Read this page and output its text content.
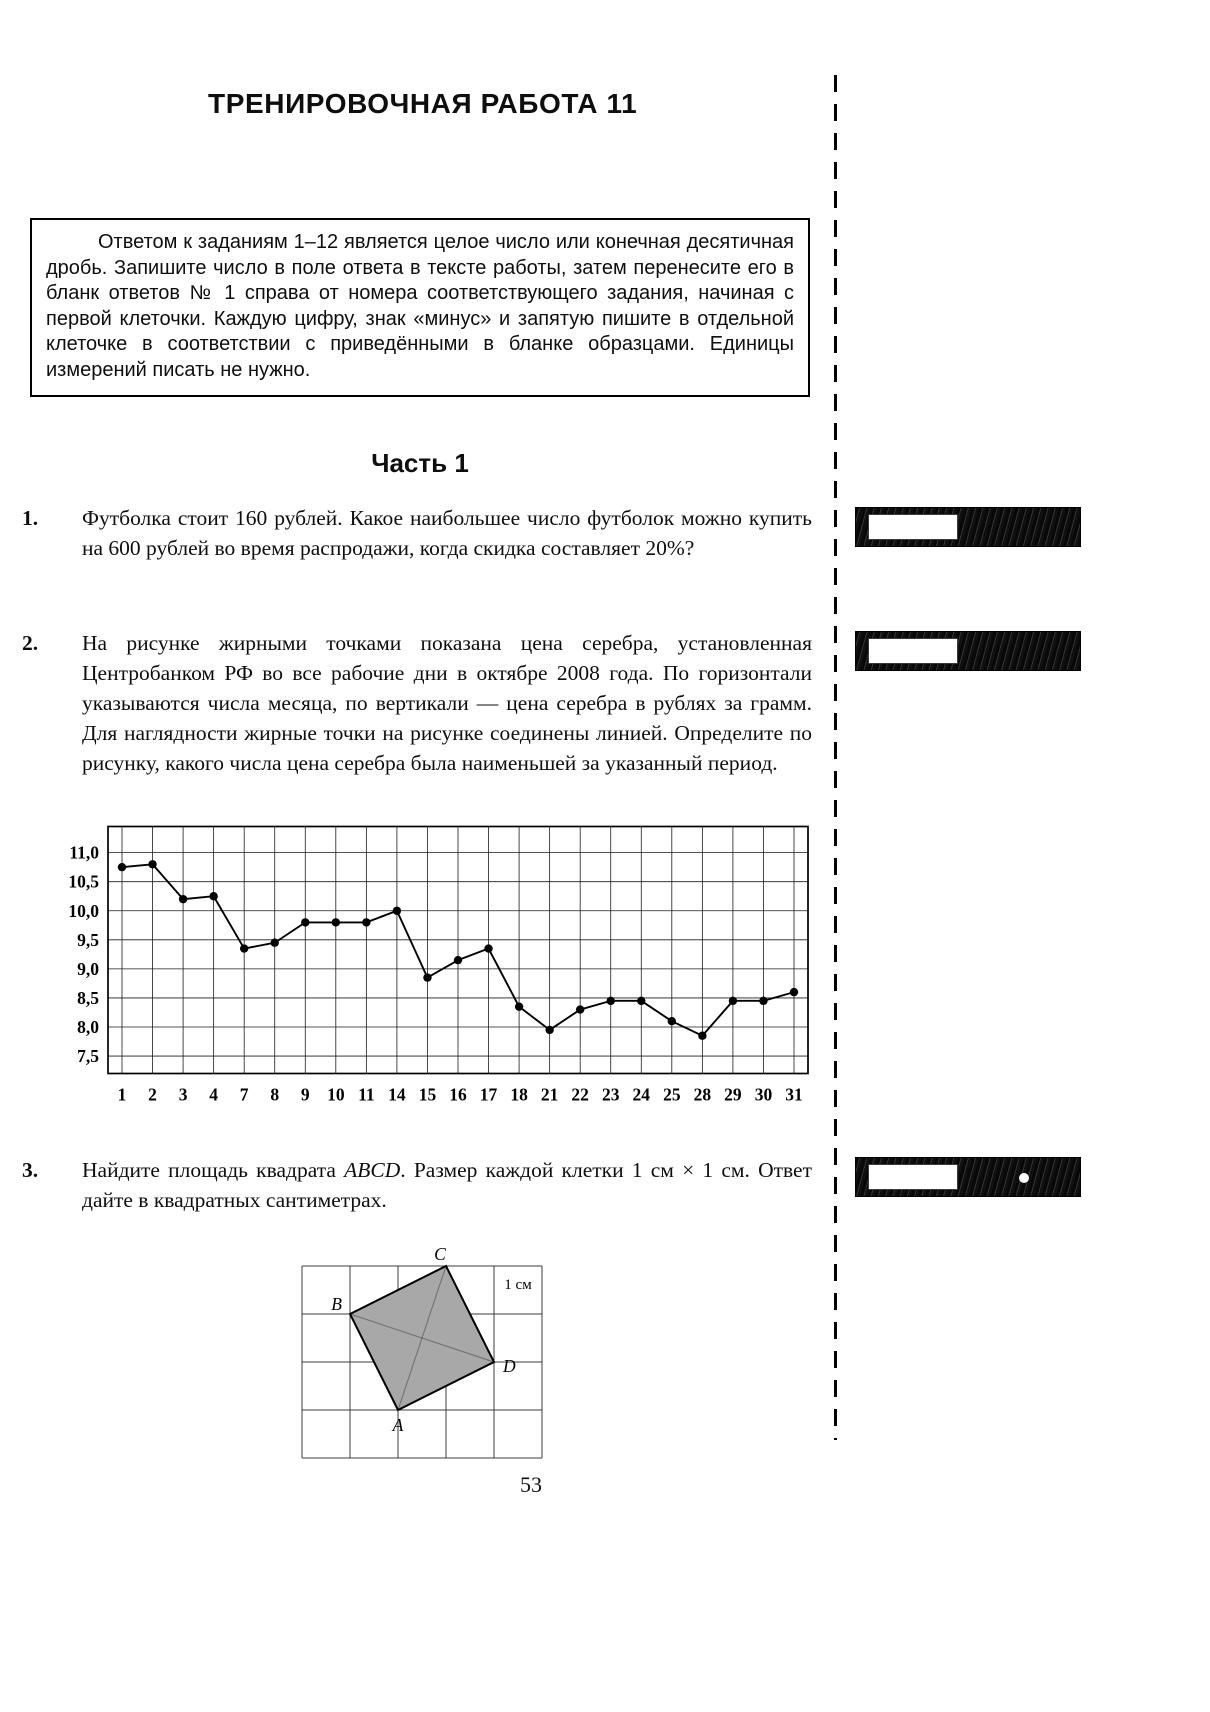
ТРЕНИРОВОЧНАЯ РАБОТА 11

Ответом к заданиям 1–12 является целое число или конечная десятичная дробь. Запишите число в поле ответа в тексте работы, затем перенесите его в бланк ответов № 1 справа от номера соответствующего задания, начиная с первой клеточки. Каждую цифру, знак «минус» и запятую пишите в отдельной клеточке в соответствии с приведёнными в бланке образцами. Единицы измерений писать не нужно.

Часть 1
1.	Футболка стоит 160 рублей. Какое наибольшее число футболок можно купить на 600 рублей во время распродажи, когда скидка составляет 20%?

2.	На рисунке жирными точками показана цена серебра, установленная Центробанком РФ во все рабочие дни в октябре 2008 года. По горизонтали указываются числа месяца, по вертикали — цена серебра в рублях за грамм. Для наглядности жирные точки на рисунке соединены линией. Определите по рисунку, какого числа цена серебра была наименьшей за указанный период.

7,5
8,0
8,5
9,0
9,5
10,0
10,5
11,0
1 2 3 4 7 8 9 10 11 14 15 16 17 18 21 22 23 24 25 28 29 30 31
3.	Найдите площадь квадрата ABCD. Размер каждой клетки 1 см × 1 см. Ответ дайте в квадратных сантиметрах.

A
B
C
D
1 см
53
